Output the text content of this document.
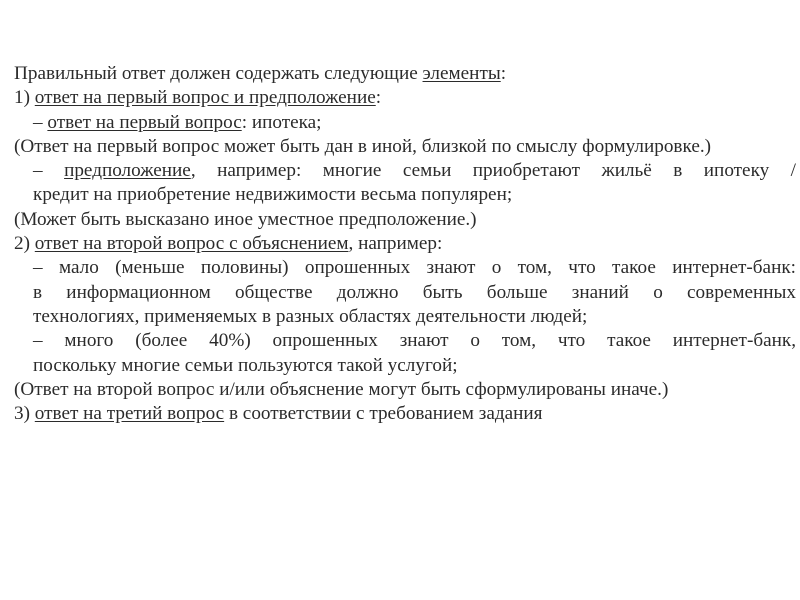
Правильный ответ должен содержать следующие элементы:
1) ответ на первый вопрос и предположение:
– ответ на первый вопрос: ипотека;
(Ответ на первый вопрос может быть дан в иной, близкой по смыслу формулировке.)
– предположение, например: многие семьи приобретают жильё в ипотеку /
кредит на приобретение недвижимости весьма популярен;
(Может быть высказано иное уместное предположение.)
2) ответ на второй вопрос с объяснением, например:
– мало (меньше половины) опрошенных знают о том, что такое интернет-банк:
в информационном обществе должно быть больше знаний о современных
технологиях, применяемых в разных областях деятельности людей;
– много (более 40%) опрошенных знают о том, что такое интернет-банк,
поскольку многие семьи пользуются такой услугой;
(Ответ на второй вопрос и/или объяснение могут быть сформулированы иначе.)
3) ответ на третий вопрос в соответствии с требованием задания
